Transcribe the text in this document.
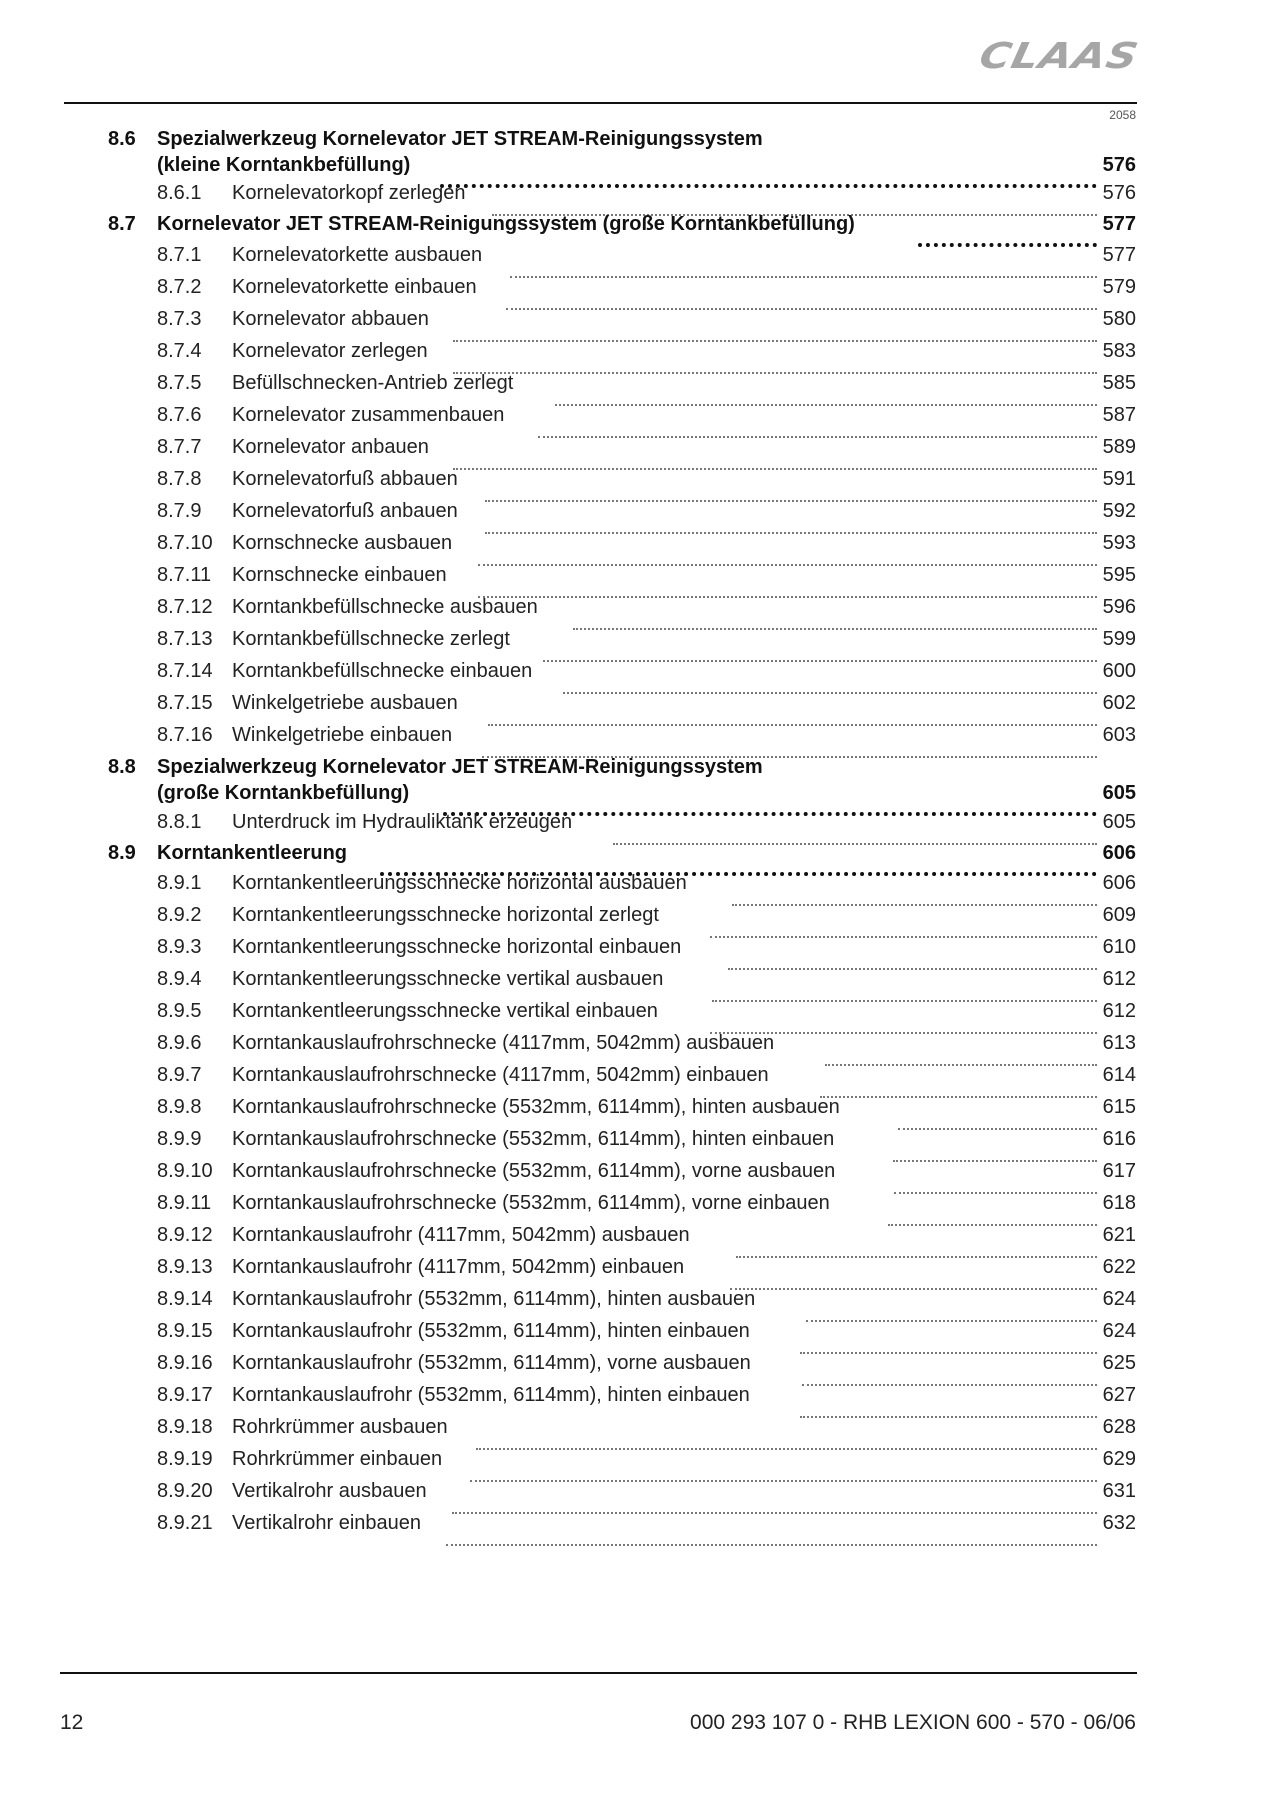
CLAAS
2058
8.6 Spezialwerkzeug Kornelevator JET STREAM-Reinigungssystem
(kleine Korntankbefüllung)	576
8.6.1 Kornelevatorkopf zerlegen	576
8.7 Kornelevator JET STREAM-Reinigungssystem (große Korntankbefüllung)	577
8.7.1 Kornelevatorkette ausbauen	577
8.7.2 Kornelevatorkette einbauen	579
8.7.3 Kornelevator abbauen	580
8.7.4 Kornelevator zerlegen	583
8.7.5 Befüllschnecken-Antrieb zerlegt	585
8.7.6 Kornelevator zusammenbauen	587
8.7.7 Kornelevator anbauen	589
8.7.8 Kornelevatorfuß abbauen	591
8.7.9 Kornelevatorfuß anbauen	592
8.7.10 Kornschnecke ausbauen	593
8.7.11 Kornschnecke einbauen	595
8.7.12 Korntankbefüllschnecke ausbauen	596
8.7.13 Korntankbefüllschnecke zerlegt	599
8.7.14 Korntankbefüllschnecke einbauen	600
8.7.15 Winkelgetriebe ausbauen	602
8.7.16 Winkelgetriebe einbauen	603
8.8 Spezialwerkzeug Kornelevator JET STREAM-Reinigungssystem
(große Korntankbefüllung)	605
8.8.1 Unterdruck im Hydrauliktank erzeugen	605
8.9 Korntankentleerung	606
8.9.1 Korntankentleerungsschnecke horizontal ausbauen	606
8.9.2 Korntankentleerungsschnecke horizontal zerlegt	609
8.9.3 Korntankentleerungsschnecke horizontal einbauen	610
8.9.4 Korntankentleerungsschnecke vertikal ausbauen	612
8.9.5 Korntankentleerungsschnecke vertikal einbauen	612
8.9.6 Korntankauslaufrohrschnecke (4117mm, 5042mm) ausbauen	613
8.9.7 Korntankauslaufrohrschnecke (4117mm, 5042mm) einbauen	614
8.9.8 Korntankauslaufrohrschnecke (5532mm, 6114mm), hinten ausbauen	615
8.9.9 Korntankauslaufrohrschnecke (5532mm, 6114mm), hinten einbauen	616
8.9.10 Korntankauslaufrohrschnecke (5532mm, 6114mm), vorne ausbauen	617
8.9.11 Korntankauslaufrohrschnecke (5532mm, 6114mm), vorne einbauen	618
8.9.12 Korntankauslaufrohr (4117mm, 5042mm) ausbauen	621
8.9.13 Korntankauslaufrohr (4117mm, 5042mm) einbauen	622
8.9.14 Korntankauslaufrohr (5532mm, 6114mm), hinten ausbauen	624
8.9.15 Korntankauslaufrohr (5532mm, 6114mm), hinten einbauen	624
8.9.16 Korntankauslaufrohr (5532mm, 6114mm), vorne ausbauen	625
8.9.17 Korntankauslaufrohr (5532mm, 6114mm), hinten einbauen	627
8.9.18 Rohrkrümmer ausbauen	628
8.9.19 Rohrkrümmer einbauen	629
8.9.20 Vertikalrohr ausbauen	631
8.9.21 Vertikalrohr einbauen	632
12	000 293 107 0 - RHB LEXION 600 - 570 - 06/06
